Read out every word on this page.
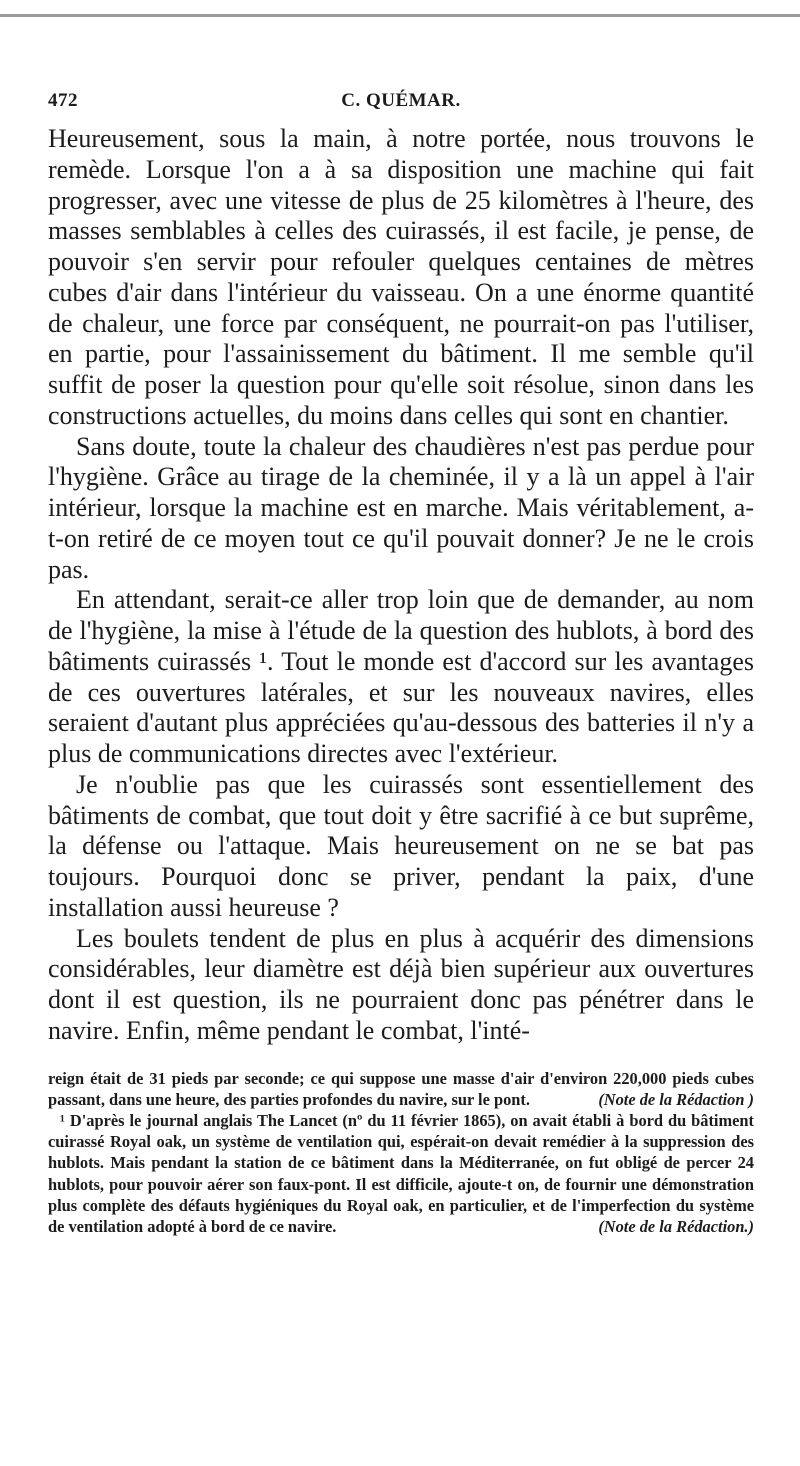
472	C. QUÉMAR.

Heureusement, sous la main, à notre portée, nous trouvons le remède. Lorsque l'on a à sa disposition une machine qui fait progresser, avec une vitesse de plus de 25 kilomètres à l'heure, des masses semblables à celles des cuirassés, il est facile, je pense, de pouvoir s'en servir pour refouler quelques centaines de mètres cubes d'air dans l'intérieur du vaisseau. On a une énorme quantité de chaleur, une force par conséquent, ne pourrait-on pas l'utiliser, en partie, pour l'assainissement du bâtiment. Il me semble qu'il suffit de poser la question pour qu'elle soit résolue, sinon dans les constructions actuelles, du moins dans celles qui sont en chantier.

Sans doute, toute la chaleur des chaudières n'est pas perdue pour l'hygiène. Grâce au tirage de la cheminée, il y a là un appel à l'air intérieur, lorsque la machine est en marche. Mais véritablement, a-t-on retiré de ce moyen tout ce qu'il pouvait donner? Je ne le crois pas.

En attendant, serait-ce aller trop loin que de demander, au nom de l'hygiène, la mise à l'étude de la question des hublots, à bord des bâtiments cuirassés ¹. Tout le monde est d'accord sur les avantages de ces ouvertures latérales, et sur les nouveaux navires, elles seraient d'autant plus appréciées qu'au-dessous des batteries il n'y a plus de communications directes avec l'extérieur.

Je n'oublie pas que les cuirassés sont essentiellement des bâtiments de combat, que tout doit y être sacrifié à ce but suprême, la défense ou l'attaque. Mais heureusement on ne se bat pas toujours. Pourquoi donc se priver, pendant la paix, d'une installation aussi heureuse ?

Les boulets tendent de plus en plus à acquérir des dimensions considérables, leur diamètre est déjà bien supérieur aux ouvertures dont il est question, ils ne pourraient donc pas pénétrer dans le navire. Enfin, même pendant le combat, l'inté-

reign était de 31 pieds par seconde; ce qui suppose une masse d'air d'environ 220,000 pieds cubes passant, dans une heure, des parties profondes du navire, sur le pont.	(Note de la Rédaction )

¹ D'après le journal anglais The Lancet (nº du 11 février 1865), on avait établi à bord du bâtiment cuirassé Royal oak, un système de ventilation qui, espérait-on devait remédier à la suppression des hublots. Mais pendant la station de ce bâtiment dans la Méditerranée, on fut obligé de percer 24 hublots, pour pouvoir aérer son faux-pont. Il est difficile, ajoute-t on, de fournir une démonstration plus complète des défauts hygiéniques du Royal oak, en particulier, et de l'imperfection du système de ventilation adopté à bord de ce navire.	(Note de la Rédaction.)
